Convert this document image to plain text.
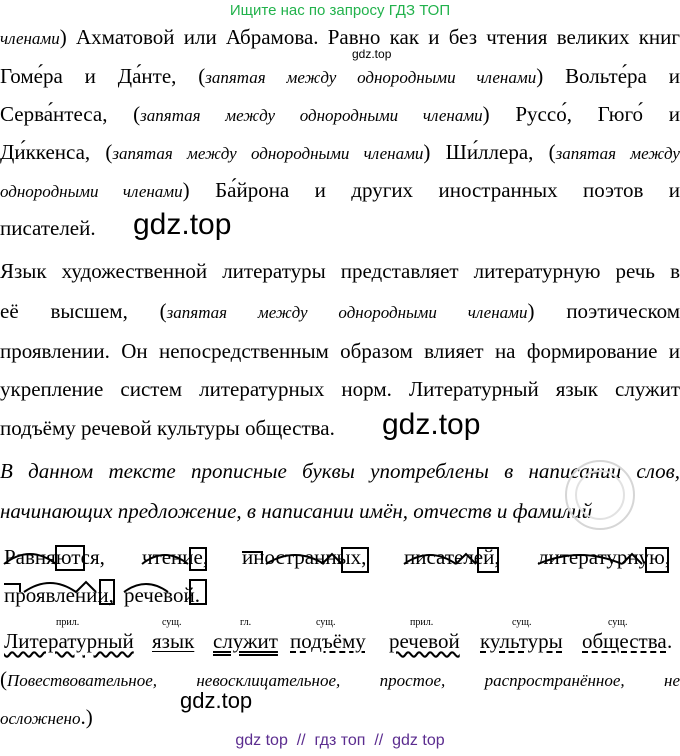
Ищите нас по запросу ГДЗ ТОП
членами) Ахматовой или Абрамова. Равно как и без чтения великих книг
gdz.top
Гоме́ра и Да́нте, (запятая между однородными членами) Вольте́ра и
Серва́нтеса, (запятая между однородными членами) Руссо́, Гюго́ и
Ди́ккенса, (запятая между однородными членами) Ши́ллера, (запятая между
однородными членами) Ба́йрона и других иностранных поэтов и
писателей.	gdz.top
Язык художественной литературы представляет литературную речь в
её высшем, (запятая между однородными членами) поэтическом
проявлении. Он непосредственным образом влияет на формирование и
укрепление систем литературных норм. Литературный язык служит
подъёму речевой культуры общества.	gdz.top
В данном тексте прописные буквы употреблены в написании слов,
начинающих предложение, в написании имён, отчеств и фамилий
Равняются, чтение, иностранных, писателей, литературную,
проявлении, речевой.
прил.	сущ.	гл.	сущ.	прил.	сущ.	сущ.
Литературный язык служит подъёму речевой культуры общества .
(Повествовательное, невосклицательное, простое, распространённое, не
осложнено.)
gdz.top
gdz top  //  гдз топ  //  gdz top
